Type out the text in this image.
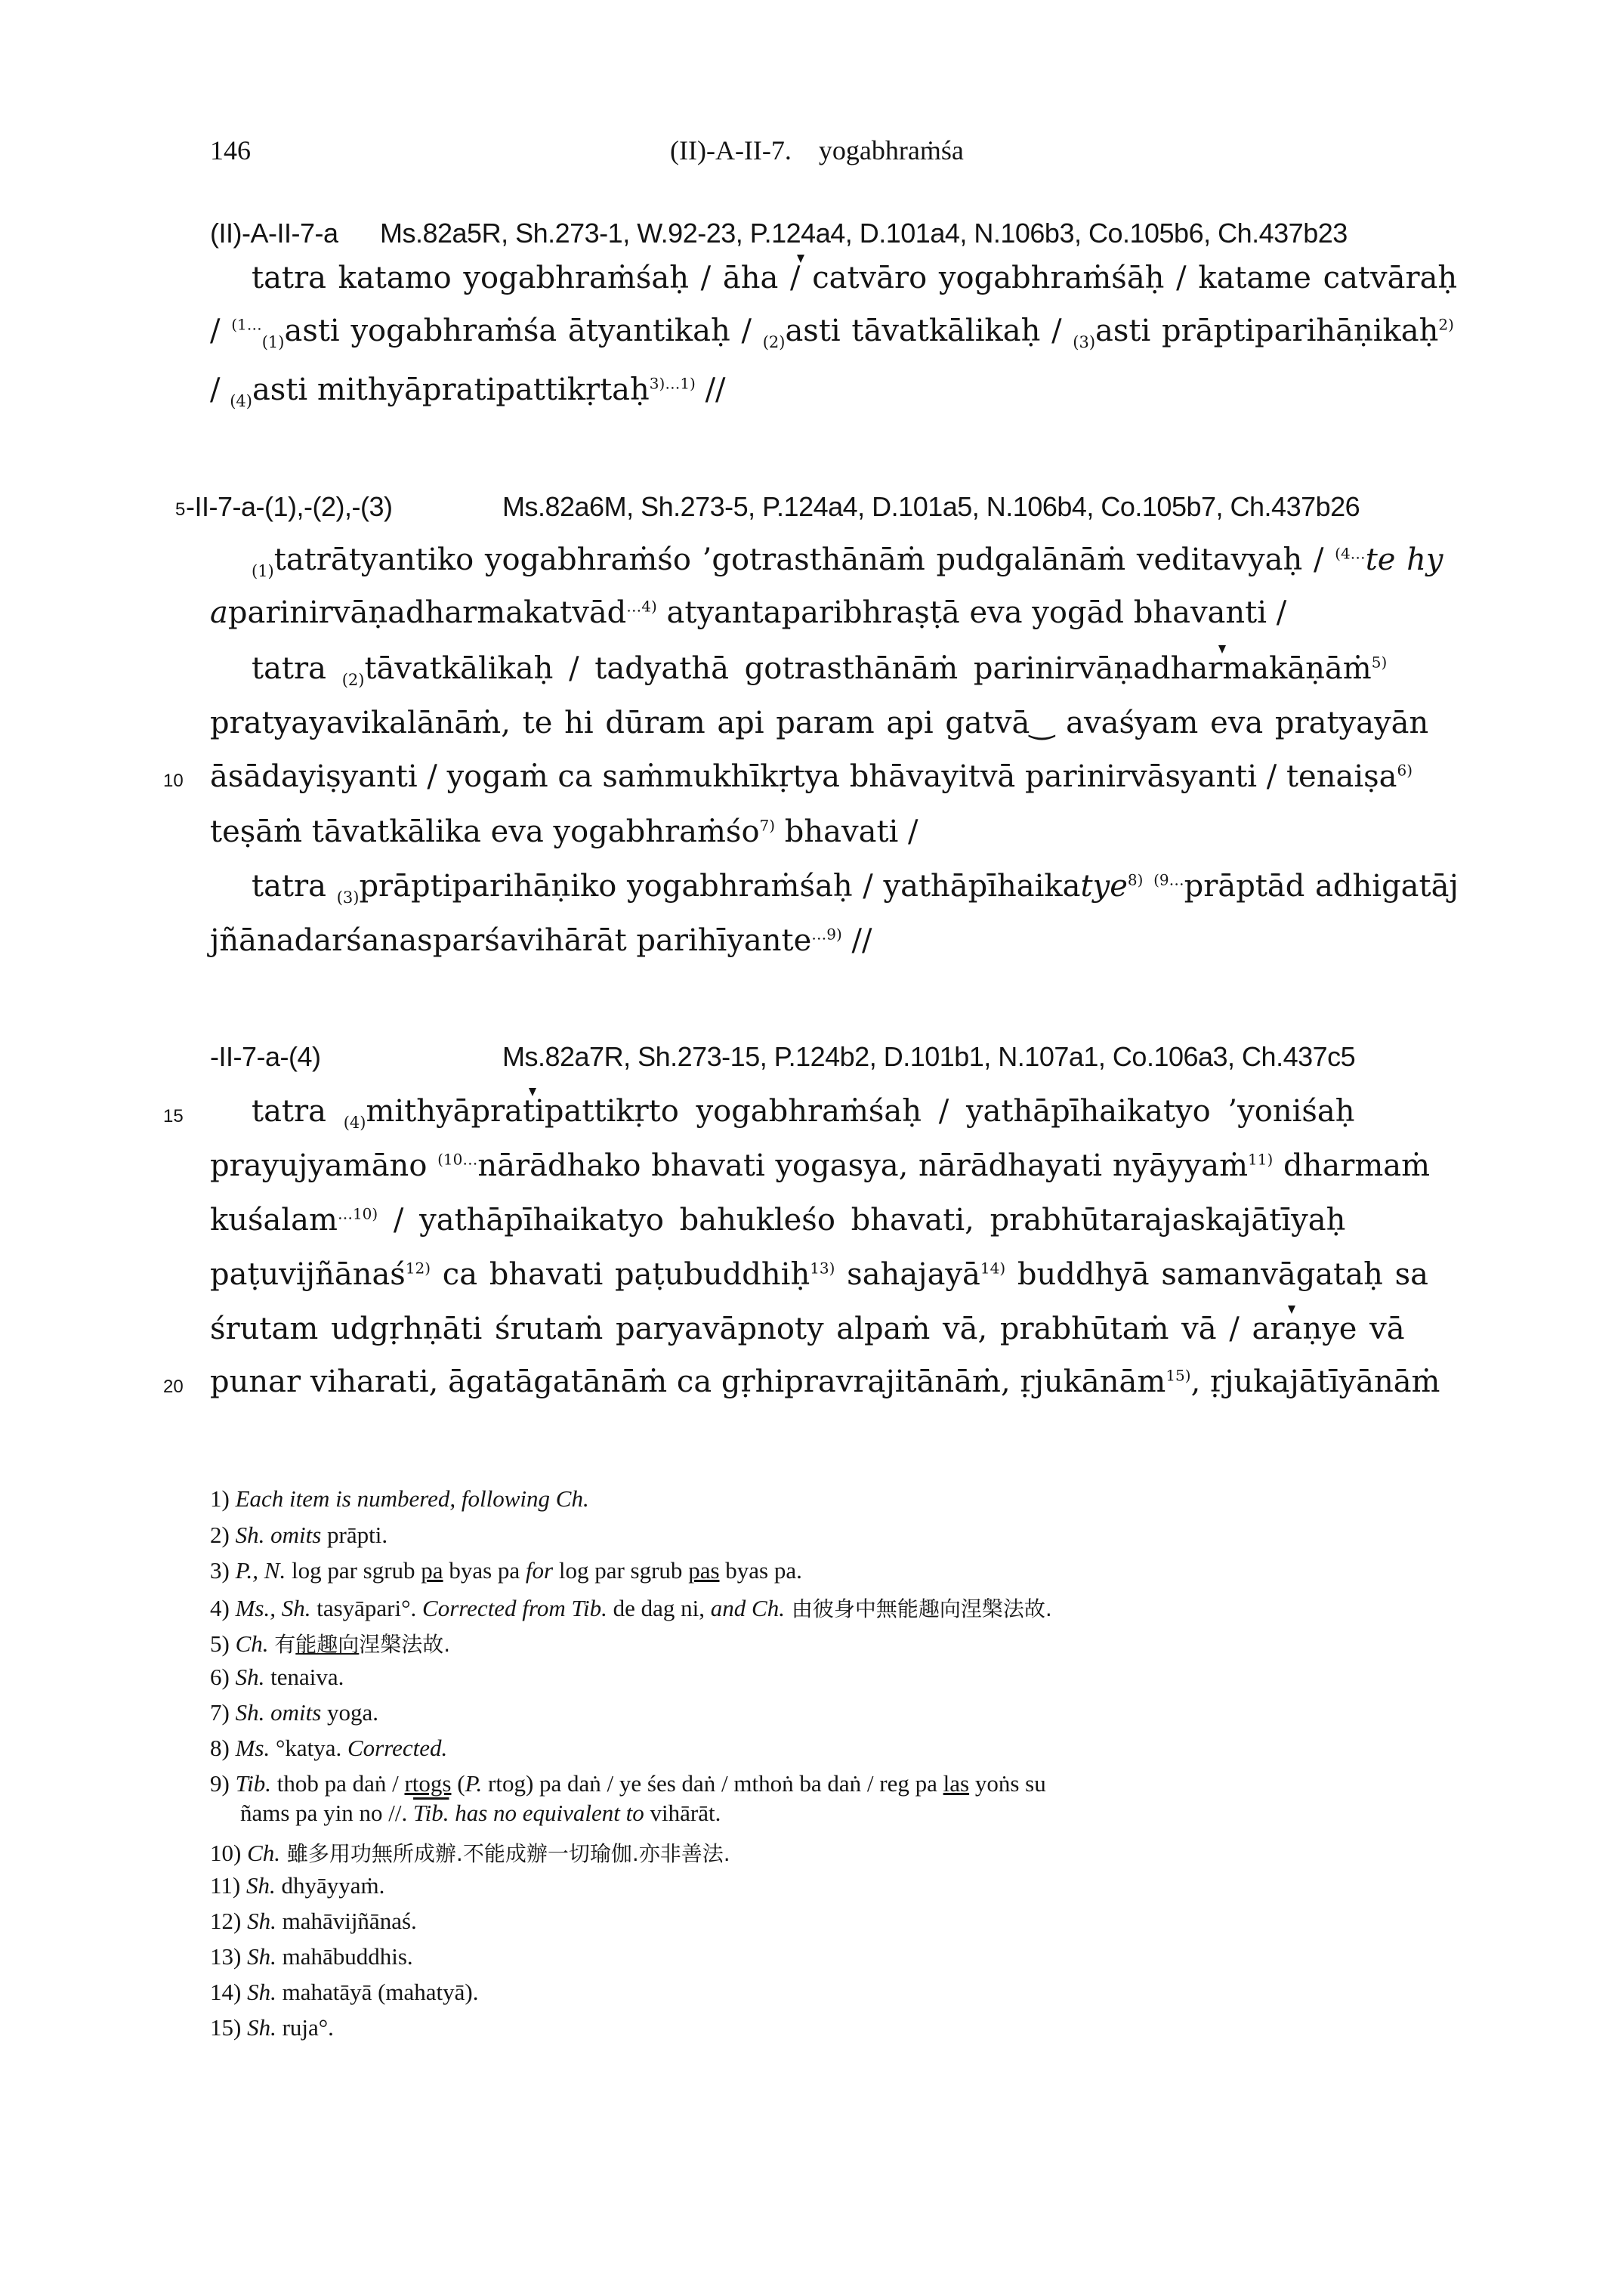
146	(II)-A-II-7.    yogabhraṁśa
(II)-A-II-7-a Ms.82a5R, Sh.273-1, W.92-23, P.124a4, D.101a4, N.106b3, Co.105b6, Ch.437b23
tatra katamo yogabhraṁśaḥ / āha / catvāro yogabhraṁśāḥ / katame catvāraḥ
/ $^{(1\dots}_{(1)}$asti yogabhraṁśa ātyantikaḥ / $_{(2)}$asti tāvatkālikaḥ / $_{(3)}$asti prāptiparihāṇikaḥ$^{2)}$
/ $_{(4)}$asti mithyāpratipattikṛtaḥ$^{3)\dots 1)}$ //
5 -II-7-a-(1),-(2),-(3)	Ms.82a6M, Sh.273-5, P.124a4, D.101a5, N.106b4, Co.105b7, Ch.437b26
$_{(1)}$tatrātyantiko yogabhraṁśo ’gotrasthānāṁ pudgalānāṁ veditavyaḥ / $^{(4\dots}$te hy
aparinirvāṇadharmakatvād$^{\dots 4)}$ atyantaparibhraṣṭā eva yogād bhavanti /
tatra $_{(2)}$tāvatkālikaḥ / tadyathā gotrasthānāṁ parinirvāṇadharmakāṇāṁ$^{5)}$
pratyayavikalānāṁ, te hi dūram api param api gatvā‿ avaśyam eva pratyayān
10 āsādayiṣyanti / yogaṁ ca saṁmukhīkṛtya bhāvayitvā parinirvāsyanti / tenaiṣa$^{6)}$
teṣāṁ tāvatkālika eva yogabhraṁśo$^{7)}$ bhavati /
tatra $_{(3)}$prāptiparihāṇiko yogabhraṁśaḥ / yathāpīhaikatye$^{8)}$ $^{(9\dots}$prāptād adhigatāj
jñānadarśanasparśavihārāt parihīyante$^{\dots 9)}$ //
-II-7-a-(4)	Ms.82a7R, Sh.273-15, P.124b2, D.101b1, N.107a1, Co.106a3, Ch.437c5
15 tatra $_{(4)}$mithyāpratipattikṛto yogabhraṁśaḥ / yathāpīhaikatyo ’yoniśaḥ
prayujyamāno $^{(10\dots}$nārādhako bhavati yogasya, nārādhayati nyāyyaṁ$^{11)}$ dharmaṁ
kuśalam$^{\dots 10)}$ / yathāpīhaikatyo bahukleśo bhavati, prabhūtarajaskajātīyaḥ
paṭuvijñānaś$^{12)}$ ca bhavati paṭubuddhiḥ$^{13)}$ sahajayā$^{14)}$ buddhyā samanvāgataḥ sa
śrutam udgṛhṇāti śrutaṁ paryavāpnoty alpaṁ vā, prabhūtaṁ vā / araṇye vā
20 punar viharati, āgatāgatānāṁ ca gṛhipravrajitānāṁ, ṛjukānām$^{15)}$, ṛjukajātīyānāṁ
1) Each item is numbered, following Ch.
2) Sh. omits prāpti.
3) P., N. log par sgrub pa byas pa for log par sgrub pas byas pa.
4) Ms., Sh. tasyāpari°. Corrected from Tib. de dag ni, and Ch. 由彼身中無能趣向涅槃法故.
5) Ch. 有能趣向涅槃法故.
6) Sh. tenaiva.
7) Sh. omits yoga.
8) Ms. °katya. Corrected.
9) Tib. thob pa daṅ / rtogs (P. rtog) pa daṅ / ye śes daṅ / mthoṅ ba daṅ / reg pa las yoṅs su
ñams pa yin no //. Tib. has no equivalent to vihārāt.
10) Ch. 雖多用功無所成辦.不能成辦一切瑜伽.亦非善法.
11) Sh. dhyāyyaṁ.
12) Sh. mahāvijñānaś.
13) Sh. mahābuddhis.
14) Sh. mahatāyā (mahatyā).
15) Sh. ruja°.
